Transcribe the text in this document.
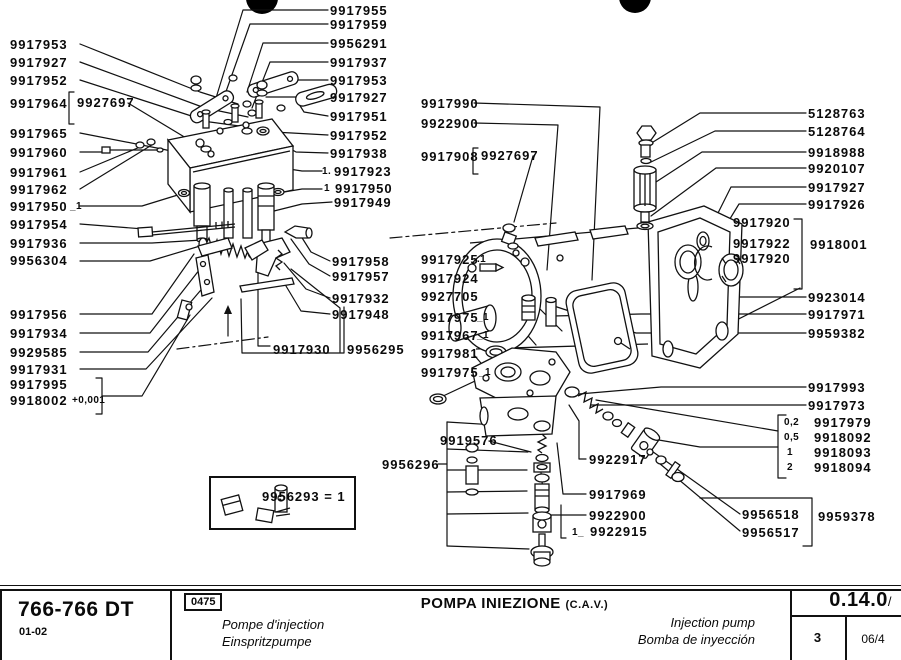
9917953
9917927
9917952
9917964 9927697
9917965
9917960
9917961
9917962
9917950 _1
9917954
9917936
9956304
9917956
9917934
9929585
9917931
9917995
9918002 +0,001
9917955
9917959
9956291
9917937
9917953
9917927
9917951
9917952
9917938
1. 9917923
1 9917950
9917949
9917958
9917957
9917932
9917948
9917930 9956295
9917990
9922900
9917908 9927697
9917925
.1
9917924
9927705
9917975
_1
9917967
_1
9917981
9917975 _1
9919576
9956296	9922917
9917969
9922900
1_ 9922915
5128763
5128764
9918988
9920107
9917927
9917926
9917920
9917922
9917920
9918001
9923014
9917971
9959382
9917993
9917973
0,2 9917979
0,5 9918092
1 9918093
2 9918094
9956518 9959378
9956517
9956293 = 1
766-766 DT
01-02
0475
Pompe d'injection
Einspritzpumpe
POMPA INIEZIONE (C.A.V.)
Injection pump
Bomba de inyección
0.14.0/
3	06/4
